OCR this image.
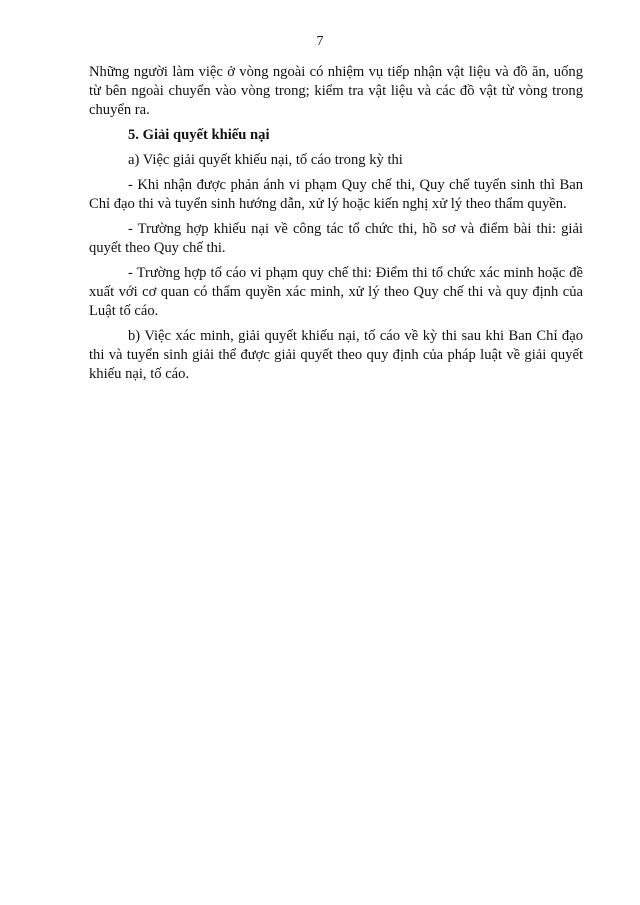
7

Những người làm việc ở vòng ngoài có nhiệm vụ tiếp nhận vật liệu và đồ ăn, uống từ bên ngoài chuyển vào vòng trong; kiểm tra vật liệu và các đồ vật từ vòng trong chuyển ra.

5. Giải quyết khiếu nại

a) Việc giải quyết khiếu nại, tố cáo trong kỳ thi

- Khi nhận được phản ánh vi phạm Quy chế thi, Quy chế tuyển sinh thì Ban Chỉ đạo thi và tuyển sinh hướng dẫn, xử lý hoặc kiến nghị xử lý theo thẩm quyền.

- Trường hợp khiếu nại về công tác tổ chức thi, hồ sơ và điểm bài thi: giải quyết theo Quy chế thi.

- Trường hợp tố cáo vi phạm quy chế thi: Điểm thi tổ chức xác minh hoặc đề xuất với cơ quan có thẩm quyền xác minh, xử lý theo Quy chế thi và quy định của Luật tố cáo.

b) Việc xác minh, giải quyết khiếu nại, tố cáo về kỳ thi sau khi Ban Chỉ đạo thi và tuyển sinh giải thể được giải quyết theo quy định của pháp luật về giải quyết khiếu nại, tố cáo.
